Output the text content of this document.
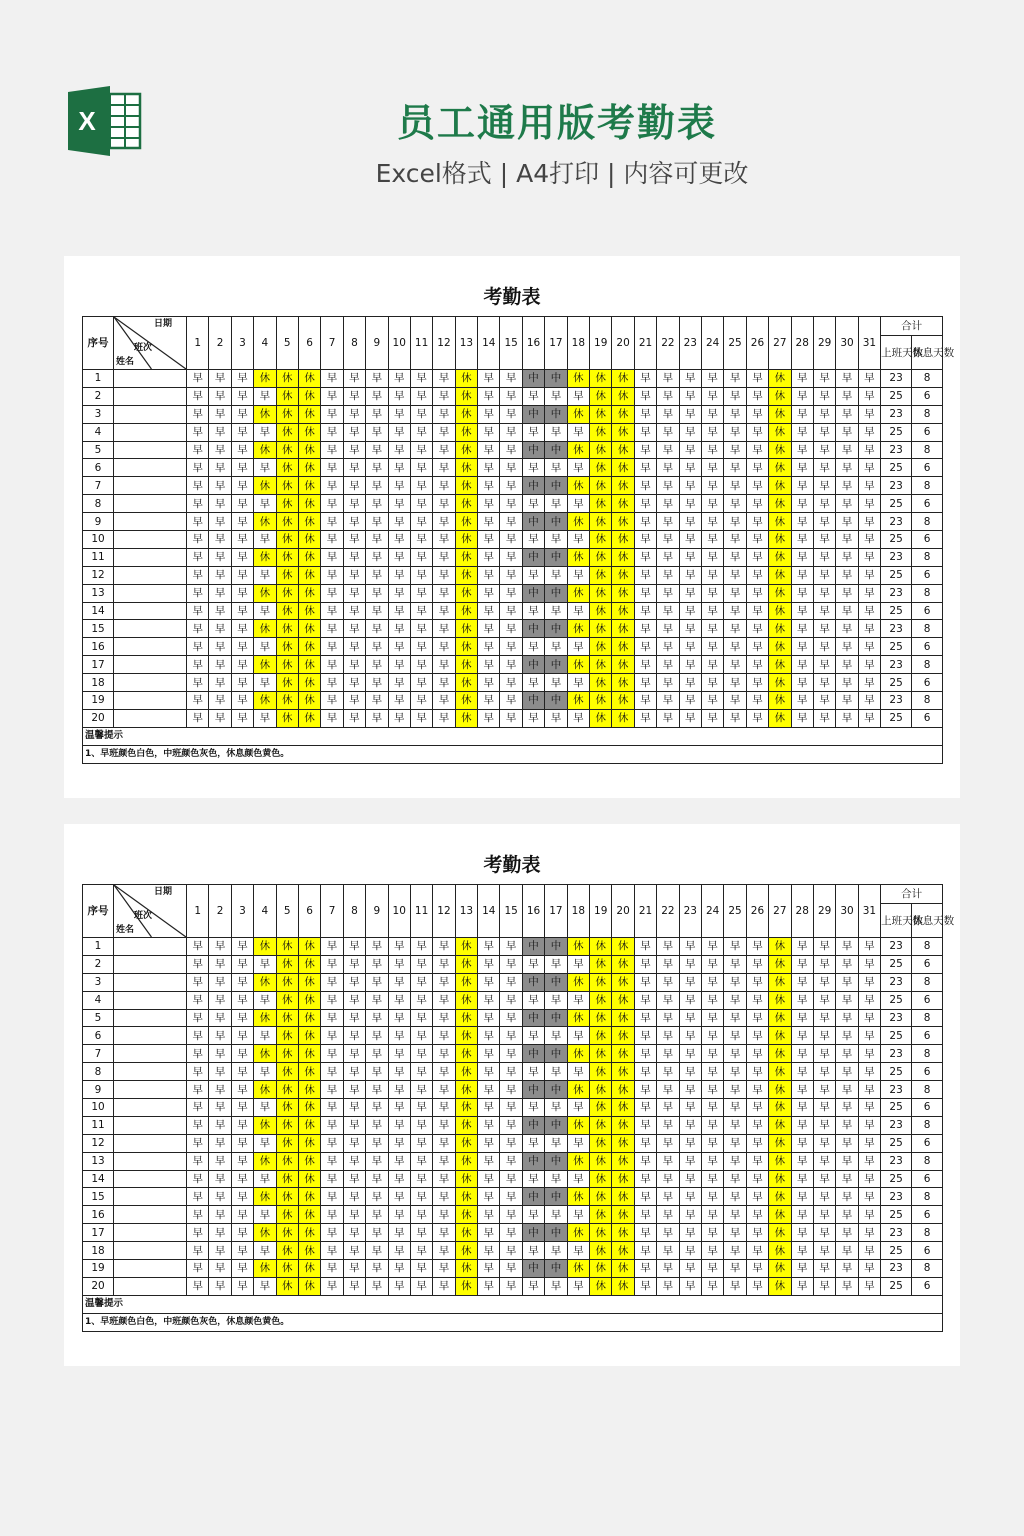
X	员工通用版考勤表
Excel格式 | A4打印 | 内容可更改
考勤表
序号	日期
班次
姓名	1	2	3	4	5	6	7	8	9	10	11	12	13	14	15	16	17	18	19	20	21	22	23	24	25	26	27	28	29	30	31	合计	
																																	上班天数	休息天数
1		早	早	早	休	休	休	早	早	早	早	早	早	休	早	早	中	中	休	休	休	早	早	早	早	早	早	休	早	早	早	早	23	8
2		早	早	早	早	休	休	早	早	早	早	早	早	休	早	早	早	早	早	休	休	早	早	早	早	早	早	休	早	早	早	早	25	6
3		早	早	早	休	休	休	早	早	早	早	早	早	休	早	早	中	中	休	休	休	早	早	早	早	早	早	休	早	早	早	早	23	8
4		早	早	早	早	休	休	早	早	早	早	早	早	休	早	早	早	早	早	休	休	早	早	早	早	早	早	休	早	早	早	早	25	6
5		早	早	早	休	休	休	早	早	早	早	早	早	休	早	早	中	中	休	休	休	早	早	早	早	早	早	休	早	早	早	早	23	8
6		早	早	早	早	休	休	早	早	早	早	早	早	休	早	早	早	早	早	休	休	早	早	早	早	早	早	休	早	早	早	早	25	6
7		早	早	早	休	休	休	早	早	早	早	早	早	休	早	早	中	中	休	休	休	早	早	早	早	早	早	休	早	早	早	早	23	8
8		早	早	早	早	休	休	早	早	早	早	早	早	休	早	早	早	早	早	休	休	早	早	早	早	早	早	休	早	早	早	早	25	6
9		早	早	早	休	休	休	早	早	早	早	早	早	休	早	早	中	中	休	休	休	早	早	早	早	早	早	休	早	早	早	早	23	8
10		早	早	早	早	休	休	早	早	早	早	早	早	休	早	早	早	早	早	休	休	早	早	早	早	早	早	休	早	早	早	早	25	6
11		早	早	早	休	休	休	早	早	早	早	早	早	休	早	早	中	中	休	休	休	早	早	早	早	早	早	休	早	早	早	早	23	8
12		早	早	早	早	休	休	早	早	早	早	早	早	休	早	早	早	早	早	休	休	早	早	早	早	早	早	休	早	早	早	早	25	6
13		早	早	早	休	休	休	早	早	早	早	早	早	休	早	早	中	中	休	休	休	早	早	早	早	早	早	休	早	早	早	早	23	8
14		早	早	早	早	休	休	早	早	早	早	早	早	休	早	早	早	早	早	休	休	早	早	早	早	早	早	休	早	早	早	早	25	6
15		早	早	早	休	休	休	早	早	早	早	早	早	休	早	早	中	中	休	休	休	早	早	早	早	早	早	休	早	早	早	早	23	8
16		早	早	早	早	休	休	早	早	早	早	早	早	休	早	早	早	早	早	休	休	早	早	早	早	早	早	休	早	早	早	早	25	6
17		早	早	早	休	休	休	早	早	早	早	早	早	休	早	早	中	中	休	休	休	早	早	早	早	早	早	休	早	早	早	早	23	8
18		早	早	早	早	休	休	早	早	早	早	早	早	休	早	早	早	早	早	休	休	早	早	早	早	早	早	休	早	早	早	早	25	6
19		早	早	早	休	休	休	早	早	早	早	早	早	休	早	早	中	中	休	休	休	早	早	早	早	早	早	休	早	早	早	早	23	8
20		早	早	早	早	休	休	早	早	早	早	早	早	休	早	早	早	早	早	休	休	早	早	早	早	早	早	休	早	早	早	早	25	6
温馨提示																																		
1、早班颜色白色，中班颜色灰色，休息颜色黄色。																																		
考勤表
序号	日期
班次
姓名	1	2	3	4	5	6	7	8	9	10	11	12	13	14	15	16	17	18	19	20	21	22	23	24	25	26	27	28	29	30	31	合计	
																																	上班天数	休息天数
1		早	早	早	休	休	休	早	早	早	早	早	早	休	早	早	中	中	休	休	休	早	早	早	早	早	早	休	早	早	早	早	23	8
2		早	早	早	早	休	休	早	早	早	早	早	早	休	早	早	早	早	早	休	休	早	早	早	早	早	早	休	早	早	早	早	25	6
3		早	早	早	休	休	休	早	早	早	早	早	早	休	早	早	中	中	休	休	休	早	早	早	早	早	早	休	早	早	早	早	23	8
4		早	早	早	早	休	休	早	早	早	早	早	早	休	早	早	早	早	早	休	休	早	早	早	早	早	早	休	早	早	早	早	25	6
5		早	早	早	休	休	休	早	早	早	早	早	早	休	早	早	中	中	休	休	休	早	早	早	早	早	早	休	早	早	早	早	23	8
6		早	早	早	早	休	休	早	早	早	早	早	早	休	早	早	早	早	早	休	休	早	早	早	早	早	早	休	早	早	早	早	25	6
7		早	早	早	休	休	休	早	早	早	早	早	早	休	早	早	中	中	休	休	休	早	早	早	早	早	早	休	早	早	早	早	23	8
8		早	早	早	早	休	休	早	早	早	早	早	早	休	早	早	早	早	早	休	休	早	早	早	早	早	早	休	早	早	早	早	25	6
9		早	早	早	休	休	休	早	早	早	早	早	早	休	早	早	中	中	休	休	休	早	早	早	早	早	早	休	早	早	早	早	23	8
10		早	早	早	早	休	休	早	早	早	早	早	早	休	早	早	早	早	早	休	休	早	早	早	早	早	早	休	早	早	早	早	25	6
11		早	早	早	休	休	休	早	早	早	早	早	早	休	早	早	中	中	休	休	休	早	早	早	早	早	早	休	早	早	早	早	23	8
12		早	早	早	早	休	休	早	早	早	早	早	早	休	早	早	早	早	早	休	休	早	早	早	早	早	早	休	早	早	早	早	25	6
13		早	早	早	休	休	休	早	早	早	早	早	早	休	早	早	中	中	休	休	休	早	早	早	早	早	早	休	早	早	早	早	23	8
14		早	早	早	早	休	休	早	早	早	早	早	早	休	早	早	早	早	早	休	休	早	早	早	早	早	早	休	早	早	早	早	25	6
15		早	早	早	休	休	休	早	早	早	早	早	早	休	早	早	中	中	休	休	休	早	早	早	早	早	早	休	早	早	早	早	23	8
16		早	早	早	早	休	休	早	早	早	早	早	早	休	早	早	早	早	早	休	休	早	早	早	早	早	早	休	早	早	早	早	25	6
17		早	早	早	休	休	休	早	早	早	早	早	早	休	早	早	中	中	休	休	休	早	早	早	早	早	早	休	早	早	早	早	23	8
18		早	早	早	早	休	休	早	早	早	早	早	早	休	早	早	早	早	早	休	休	早	早	早	早	早	早	休	早	早	早	早	25	6
19		早	早	早	休	休	休	早	早	早	早	早	早	休	早	早	中	中	休	休	休	早	早	早	早	早	早	休	早	早	早	早	23	8
20		早	早	早	早	休	休	早	早	早	早	早	早	休	早	早	早	早	早	休	休	早	早	早	早	早	早	休	早	早	早	早	25	6
温馨提示																																		
1、早班颜色白色，中班颜色灰色，休息颜色黄色。																																		
